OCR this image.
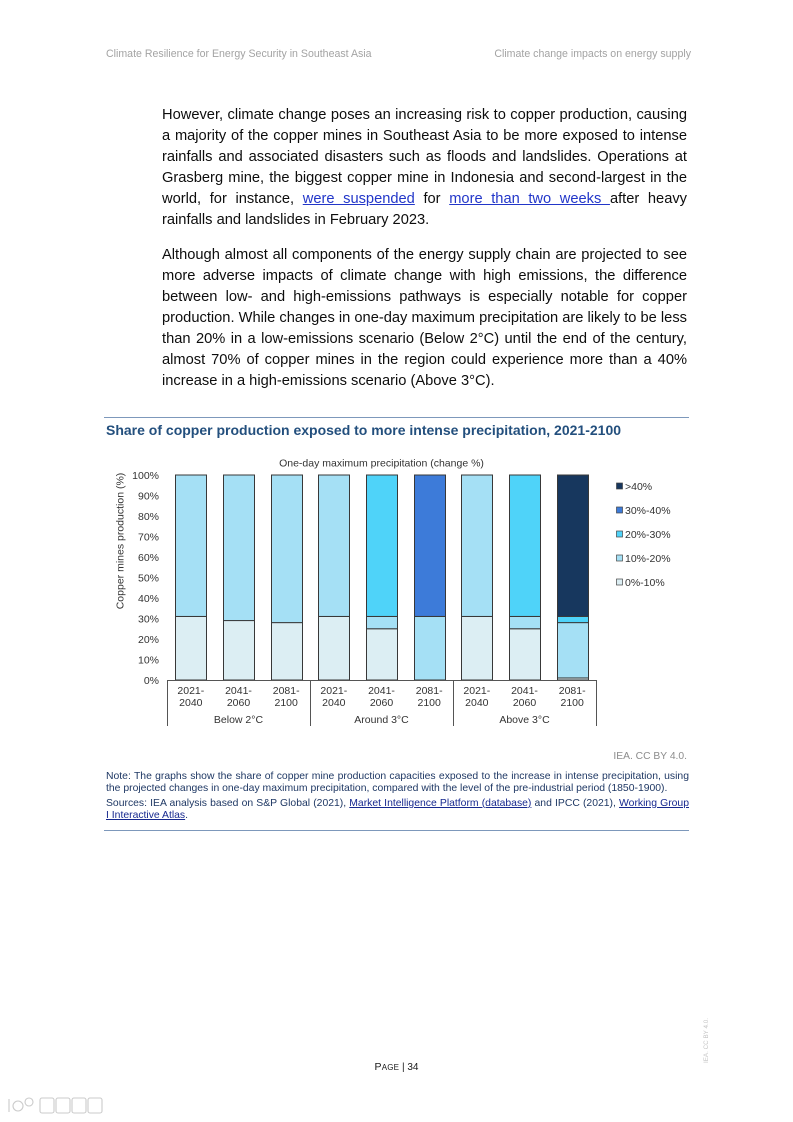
Climate Resilience for Energy Security in Southeast Asia	Climate change impacts on energy supply

However, climate change poses an increasing risk to copper production, causing a majority of the copper mines in Southeast Asia to be more exposed to intense rainfalls and associated disasters such as floods and landslides. Operations at Grasberg mine, the biggest copper mine in Indonesia and second-largest in the world, for instance, were suspended for more than two weeks after heavy rainfalls and landslides in February 2023.

Although almost all components of the energy supply chain are projected to see more adverse impacts of climate change with high emissions, the difference between low- and high-emissions pathways is especially notable for copper production. While changes in one-day maximum precipitation are likely to be less than 20% in a low-emissions scenario (Below 2°C) until the end of the century, almost 70% of copper mines in the region could experience more than a 40% increase in a high-emissions scenario (Above 3°C).

Share of copper production exposed to more intense precipitation, 2021-2100
One-day maximum precipitation (change %)
Copper mines production (%)
0%
10%
20%
30%
40%
50%
60%
70%
80%
90%
100%
2021-
2040
2041-
2060
2081-
2100
Below 2°C
2021-
2040
2041-
2060
2081-
2100
Around 3°C
2021-
2040
2041-
2060
2081-
2100
Above 3°C
>40%
30%-40%
20%-30%
10%-20%
0%-10%
IEA. CC BY 4.0.

Note: The graphs show the share of copper mine production capacities exposed to the increase in intense precipitation, using the projected changes in one-day maximum precipitation, compared with the level of the pre-industrial period (1850-1900).

Sources: IEA analysis based on S&P Global (2021), Market Intelligence Platform (database) and IPCC (2021), Working Group I Interactive Atlas.

PAGE | 34
IEA. CC BY 4.0.
